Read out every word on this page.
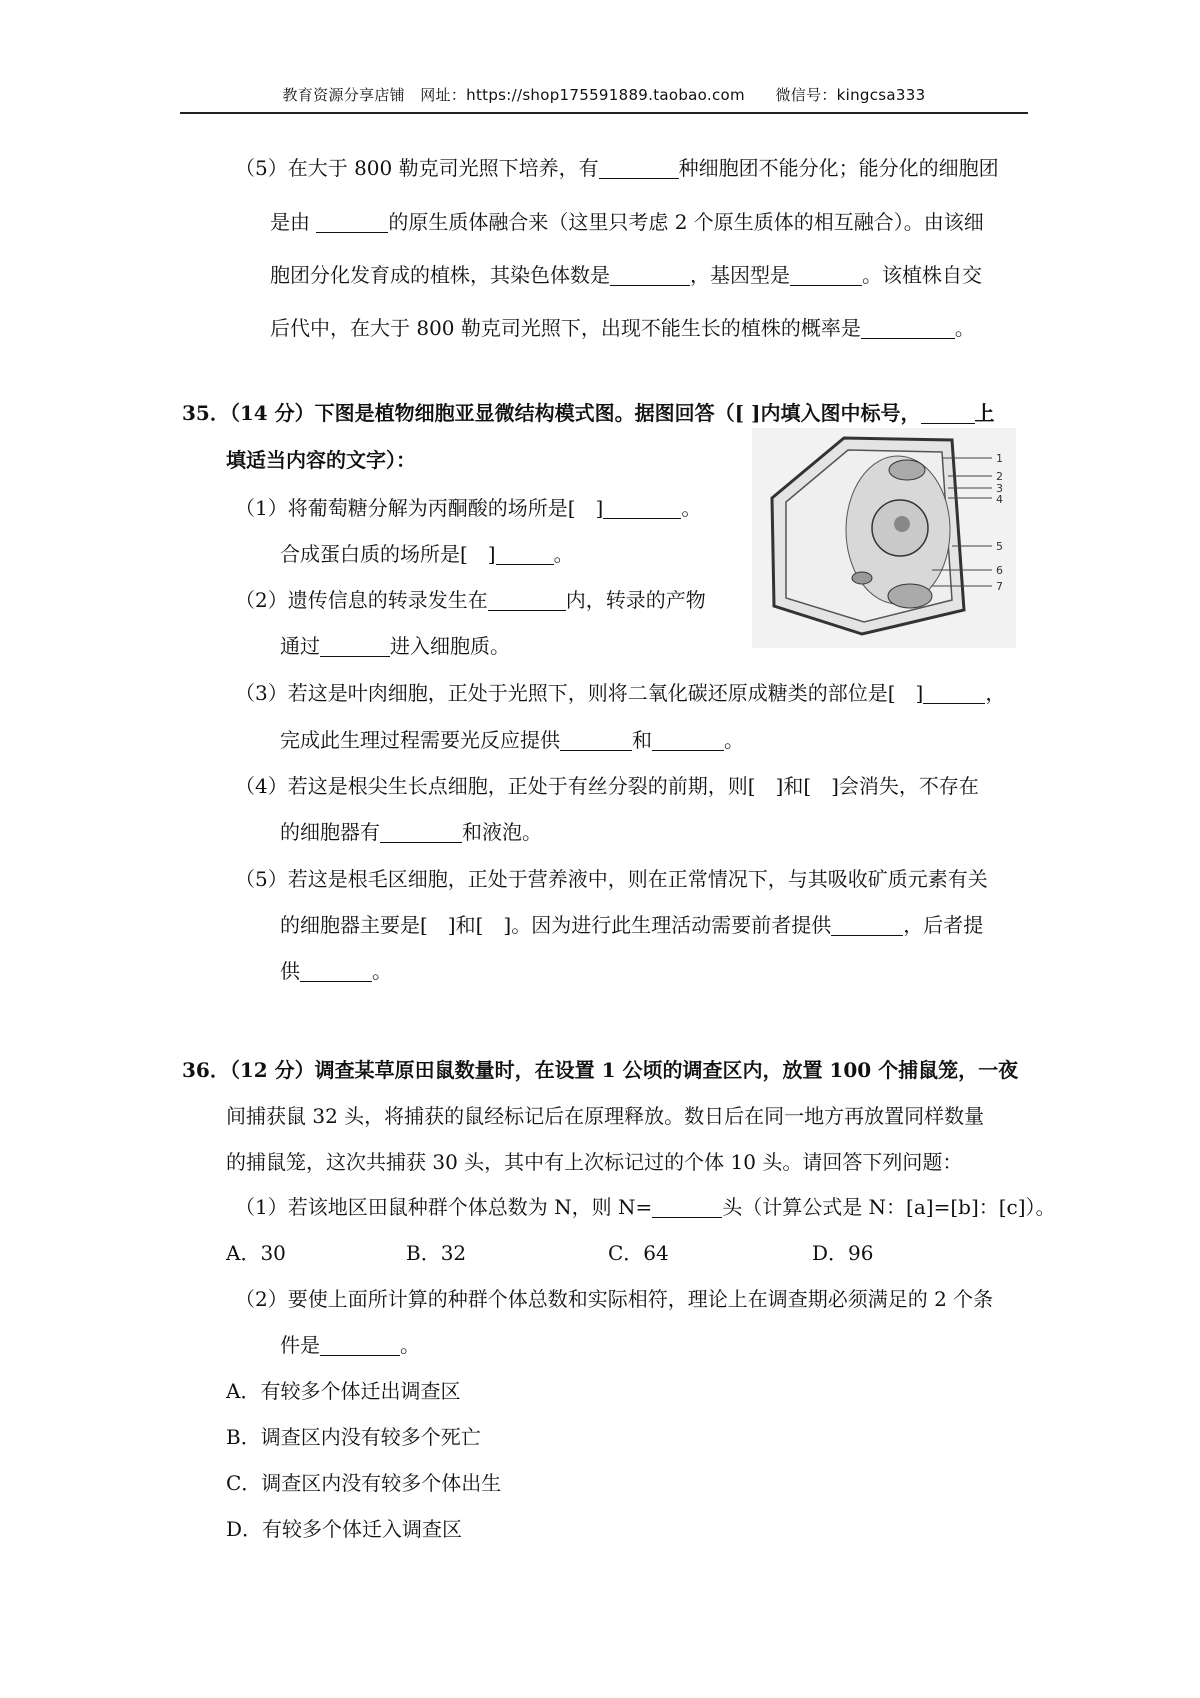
教育资源分享店铺　网址：https://shop175591889.taobao.com　　微信号：kingcsa333
（5）在大于 800 勒克司光照下培养，有	种细胞团不能分化；能分化的细胞团
是由	的原生质体融合来（这里只考虑 2 个原生质体的相互融合）。由该细
胞团分化发育成的植株，其染色体数是	，基因型是	。该植株自交
后代中，在大于 800 勒克司光照下，出现不能生长的植株的概率是	。
35．（14 分）下图是植物细胞亚显微结构模式图。据图回答（[ ]内填入图中标号，	上
填适当内容的文字）：
（1）将葡萄糖分解为丙酮酸的场所是[　]	。
合成蛋白质的场所是[　]	。
（2）遗传信息的转录发生在	内，转录的产物
通过	进入细胞质。
（3）若这是叶肉细胞，正处于光照下，则将二氧化碳还原成糖类的部位是[　]	，
完成此生理过程需要光反应提供	和	。
（4）若这是根尖生长点细胞，正处于有丝分裂的前期，则[　]和[　]会消失，不存在
的细胞器有	和液泡。
（5）若这是根毛区细胞，正处于营养液中，则在正常情况下，与其吸收矿质元素有关
的细胞器主要是[　]和[　]。因为进行此生理活动需要前者提供	，后者提
供	。
1
2
3
4
5
6
7
36．（12 分）调查某草原田鼠数量时，在设置 1 公顷的调查区内，放置 100 个捕鼠笼，一夜
间捕获鼠 32 头，将捕获的鼠经标记后在原理释放。数日后在同一地方再放置同样数量
的捕鼠笼，这次共捕获 30 头，其中有上次标记过的个体 10 头。请回答下列问题：
（1）若该地区田鼠种群个体总数为 N，则 N=	头（计算公式是 N：[a]=[b]：[c]）。
A．30	B．32	C．64	D．96
（2）要使上面所计算的种群个体总数和实际相符，理论上在调查期必须满足的 2 个条
件是	。
A．有较多个体迁出调查区
B．调查区内没有较多个死亡
C．调查区内没有较多个体出生
D．有较多个体迁入调查区
